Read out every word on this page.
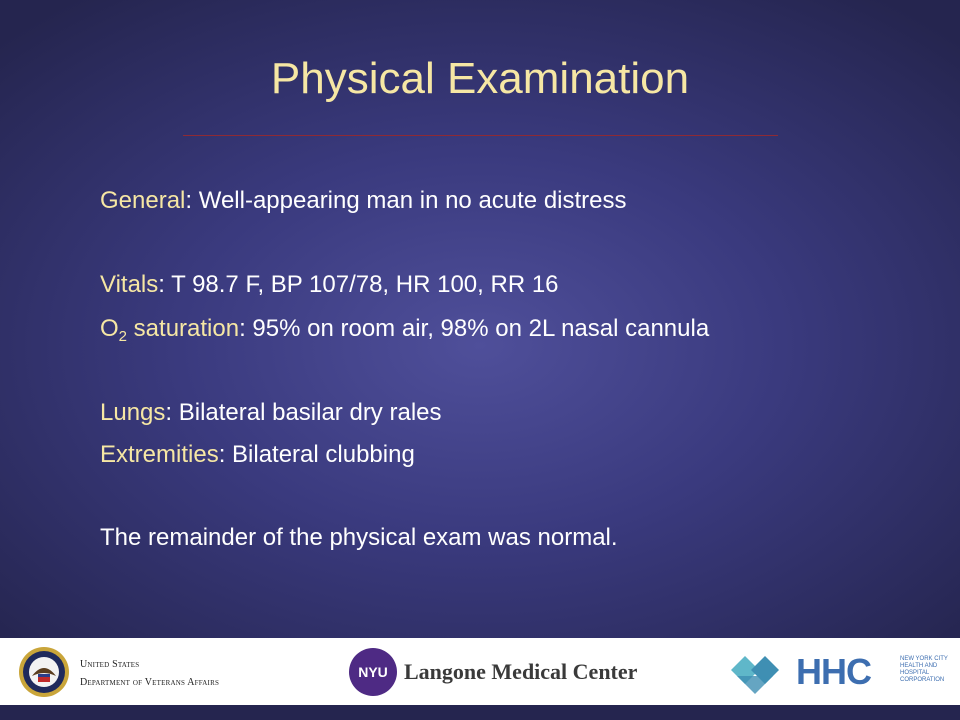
Physical Examination
General: Well-appearing man in no acute distress
Vitals: T 98.7 F, BP 107/78, HR 100, RR 16
$O_2$ saturation: 95% on room air, 98% on 2L nasal cannula
Lungs: Bilateral basilar dry rales
Extremities: Bilateral clubbing
The remainder of the physical exam was normal.
United States
Department of Veterans Affairs
NYU Langone Medical Center	HHC	NEW YORK CITY HEALTH AND HOSPITAL CORPORATION
